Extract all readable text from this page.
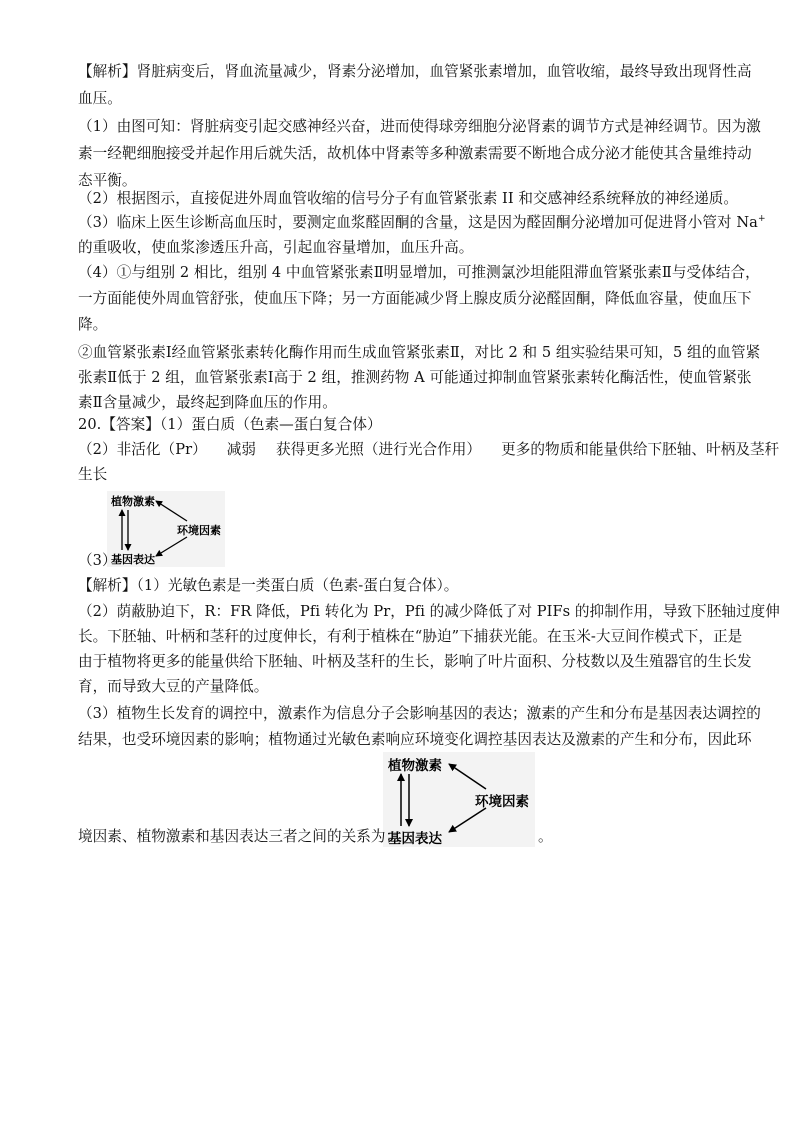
【解析】肾脏病变后，肾血流量减少，肾素分泌增加，血管紧张素增加，血管收缩，最终导致出现肾性高
血压。
（1）由图可知：肾脏病变引起交感神经兴奋，进而使得球旁细胞分泌肾素的调节方式是神经调节。因为激
素一经靶细胞接受并起作用后就失活，故机体中肾素等多种激素需要不断地合成分泌才能使其含量维持动
态平衡。
（2）根据图示，直接促进外周血管收缩的信号分子有血管紧张素 II 和交感神经系统释放的神经递质。
（3）临床上医生诊断高血压时，要测定血浆醛固酮的含量，这是因为醛固酮分泌增加可促进肾小管对 Na+
的重吸收，使血浆渗透压升高，引起血容量增加，血压升高。
（4）①与组别 2 相比，组别 4 中血管紧张素Ⅱ明显增加，可推测氯沙坦能阻滞血管紧张素Ⅱ与受体结合，
一方面能使外周血管舒张，使血压下降；另一方面能减少肾上腺皮质分泌醛固酮，降低血容量，使血压下
降。
②血管紧张素Ⅰ经血管紧张素转化酶作用而生成血管紧张素Ⅱ，对比 2 和 5 组实验结果可知，5 组的血管紧
张素Ⅱ低于 2 组，血管紧张素Ⅰ高于 2 组，推测药物 A 可能通过抑制血管紧张素转化酶活性，使血管紧张
素Ⅱ含量减少，最终起到降血压的作用。
20.【答案】（1）蛋白质（色素—蛋白复合体）
（2）非活化（Pr） 减弱 获得更多光照（进行光合作用） 更多的物质和能量供给下胚轴、叶柄及茎秆
生长
植物激素
环境因素
基因表达
（3）
【解析】（1）光敏色素是一类蛋白质（色素-蛋白复合体）。
（2）荫蔽胁迫下，R：FR 降低，Pfi 转化为 Pr，Pfi 的减少降低了对 PIFs 的抑制作用，导致下胚轴过度伸
长。下胚轴、叶柄和茎秆的过度伸长，有利于植株在“胁迫”下捕获光能。在玉米-大豆间作模式下，正是
由于植物将更多的能量供给下胚轴、叶柄及茎秆的生长，影响了叶片面积、分枝数以及生殖器官的生长发
育，而导致大豆的产量降低。
（3）植物生长发育的调控中，激素作为信息分子会影响基因的表达；激素的产生和分布是基因表达调控的
结果，也受环境因素的影响；植物通过光敏色素响应环境变化调控基因表达及激素的产生和分布，因此环
植物激素
环境因素
基因表达
境因素、植物激素和基因表达三者之间的关系为：	。
